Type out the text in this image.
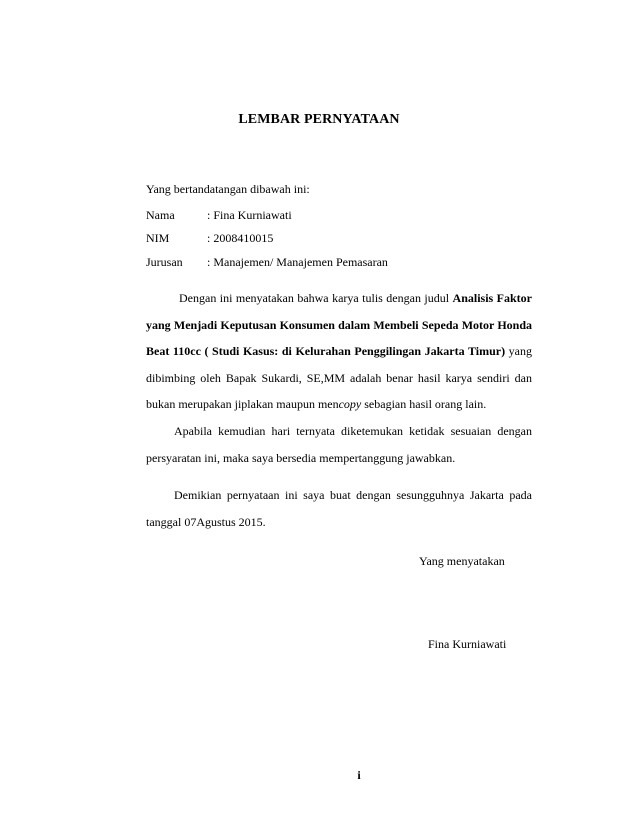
LEMBAR PERNYATAAN
Yang bertandatangan dibawah ini:
Nama	: Fina Kurniawati
NIM	: 2008410015
Jurusan : Manajemen/ Manajemen Pemasaran
Dengan ini menyatakan bahwa karya tulis dengan judul Analisis Faktor yang Menjadi Keputusan Konsumen dalam Membeli Sepeda Motor Honda Beat 110cc ( Studi Kasus: di Kelurahan Penggilingan Jakarta Timur) yang dibimbing oleh Bapak Sukardi, SE,MM adalah benar hasil karya sendiri dan bukan merupakan jiplakan maupun mencopy sebagian hasil orang lain.
Apabila kemudian hari ternyata diketemukan ketidak sesuaian dengan persyaratan ini, maka saya bersedia mempertanggung jawabkan.
Demikian pernyataan ini saya buat dengan sesungguhnya Jakarta pada tanggal 07Agustus 2015.
Yang menyatakan
Fina Kurniawati
i
